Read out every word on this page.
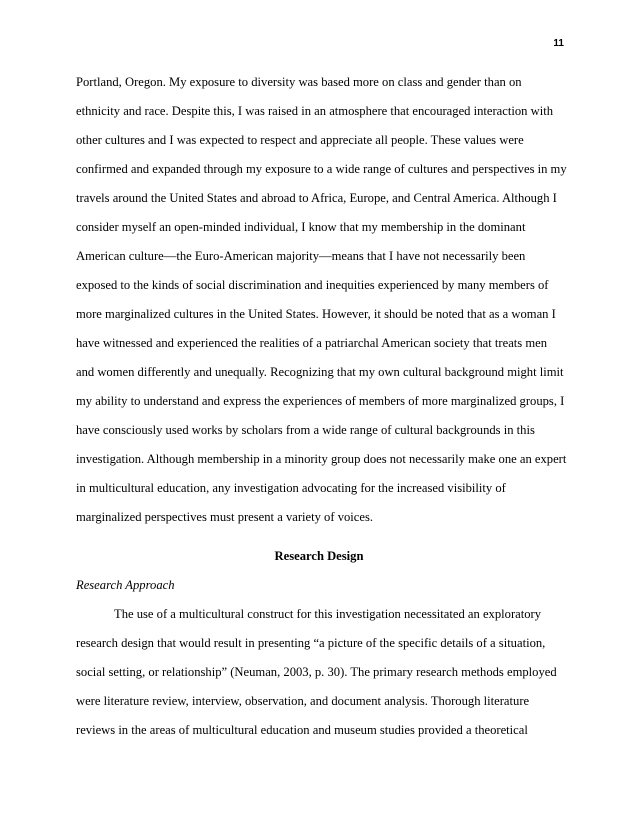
11
Portland, Oregon. My exposure to diversity was based more on class and gender than on
ethnicity and race. Despite this, I was raised in an atmosphere that encouraged interaction with
other cultures and I was expected to respect and appreciate all people. These values were
confirmed and expanded through my exposure to a wide range of cultures and perspectives in my
travels around the United States and abroad to Africa, Europe, and Central America. Although I
consider myself an open-minded individual, I know that my membership in the dominant
American culture—the Euro-American majority—means that I have not necessarily been
exposed to the kinds of social discrimination and inequities experienced by many members of
more marginalized cultures in the United States. However, it should be noted that as a woman I
have witnessed and experienced the realities of a patriarchal American society that treats men
and women differently and unequally. Recognizing that my own cultural background might limit
my ability to understand and express the experiences of members of more marginalized groups, I
have consciously used works by scholars from a wide range of cultural backgrounds in this
investigation. Although membership in a minority group does not necessarily make one an expert
in multicultural education, any investigation advocating for the increased visibility of
marginalized perspectives must present a variety of voices.
Research Design
Research Approach
The use of a multicultural construct for this investigation necessitated an exploratory
research design that would result in presenting “a picture of the specific details of a situation,
social setting, or relationship” (Neuman, 2003, p. 30). The primary research methods employed
were literature review, interview, observation, and document analysis. Thorough literature
reviews in the areas of multicultural education and museum studies provided a theoretical
